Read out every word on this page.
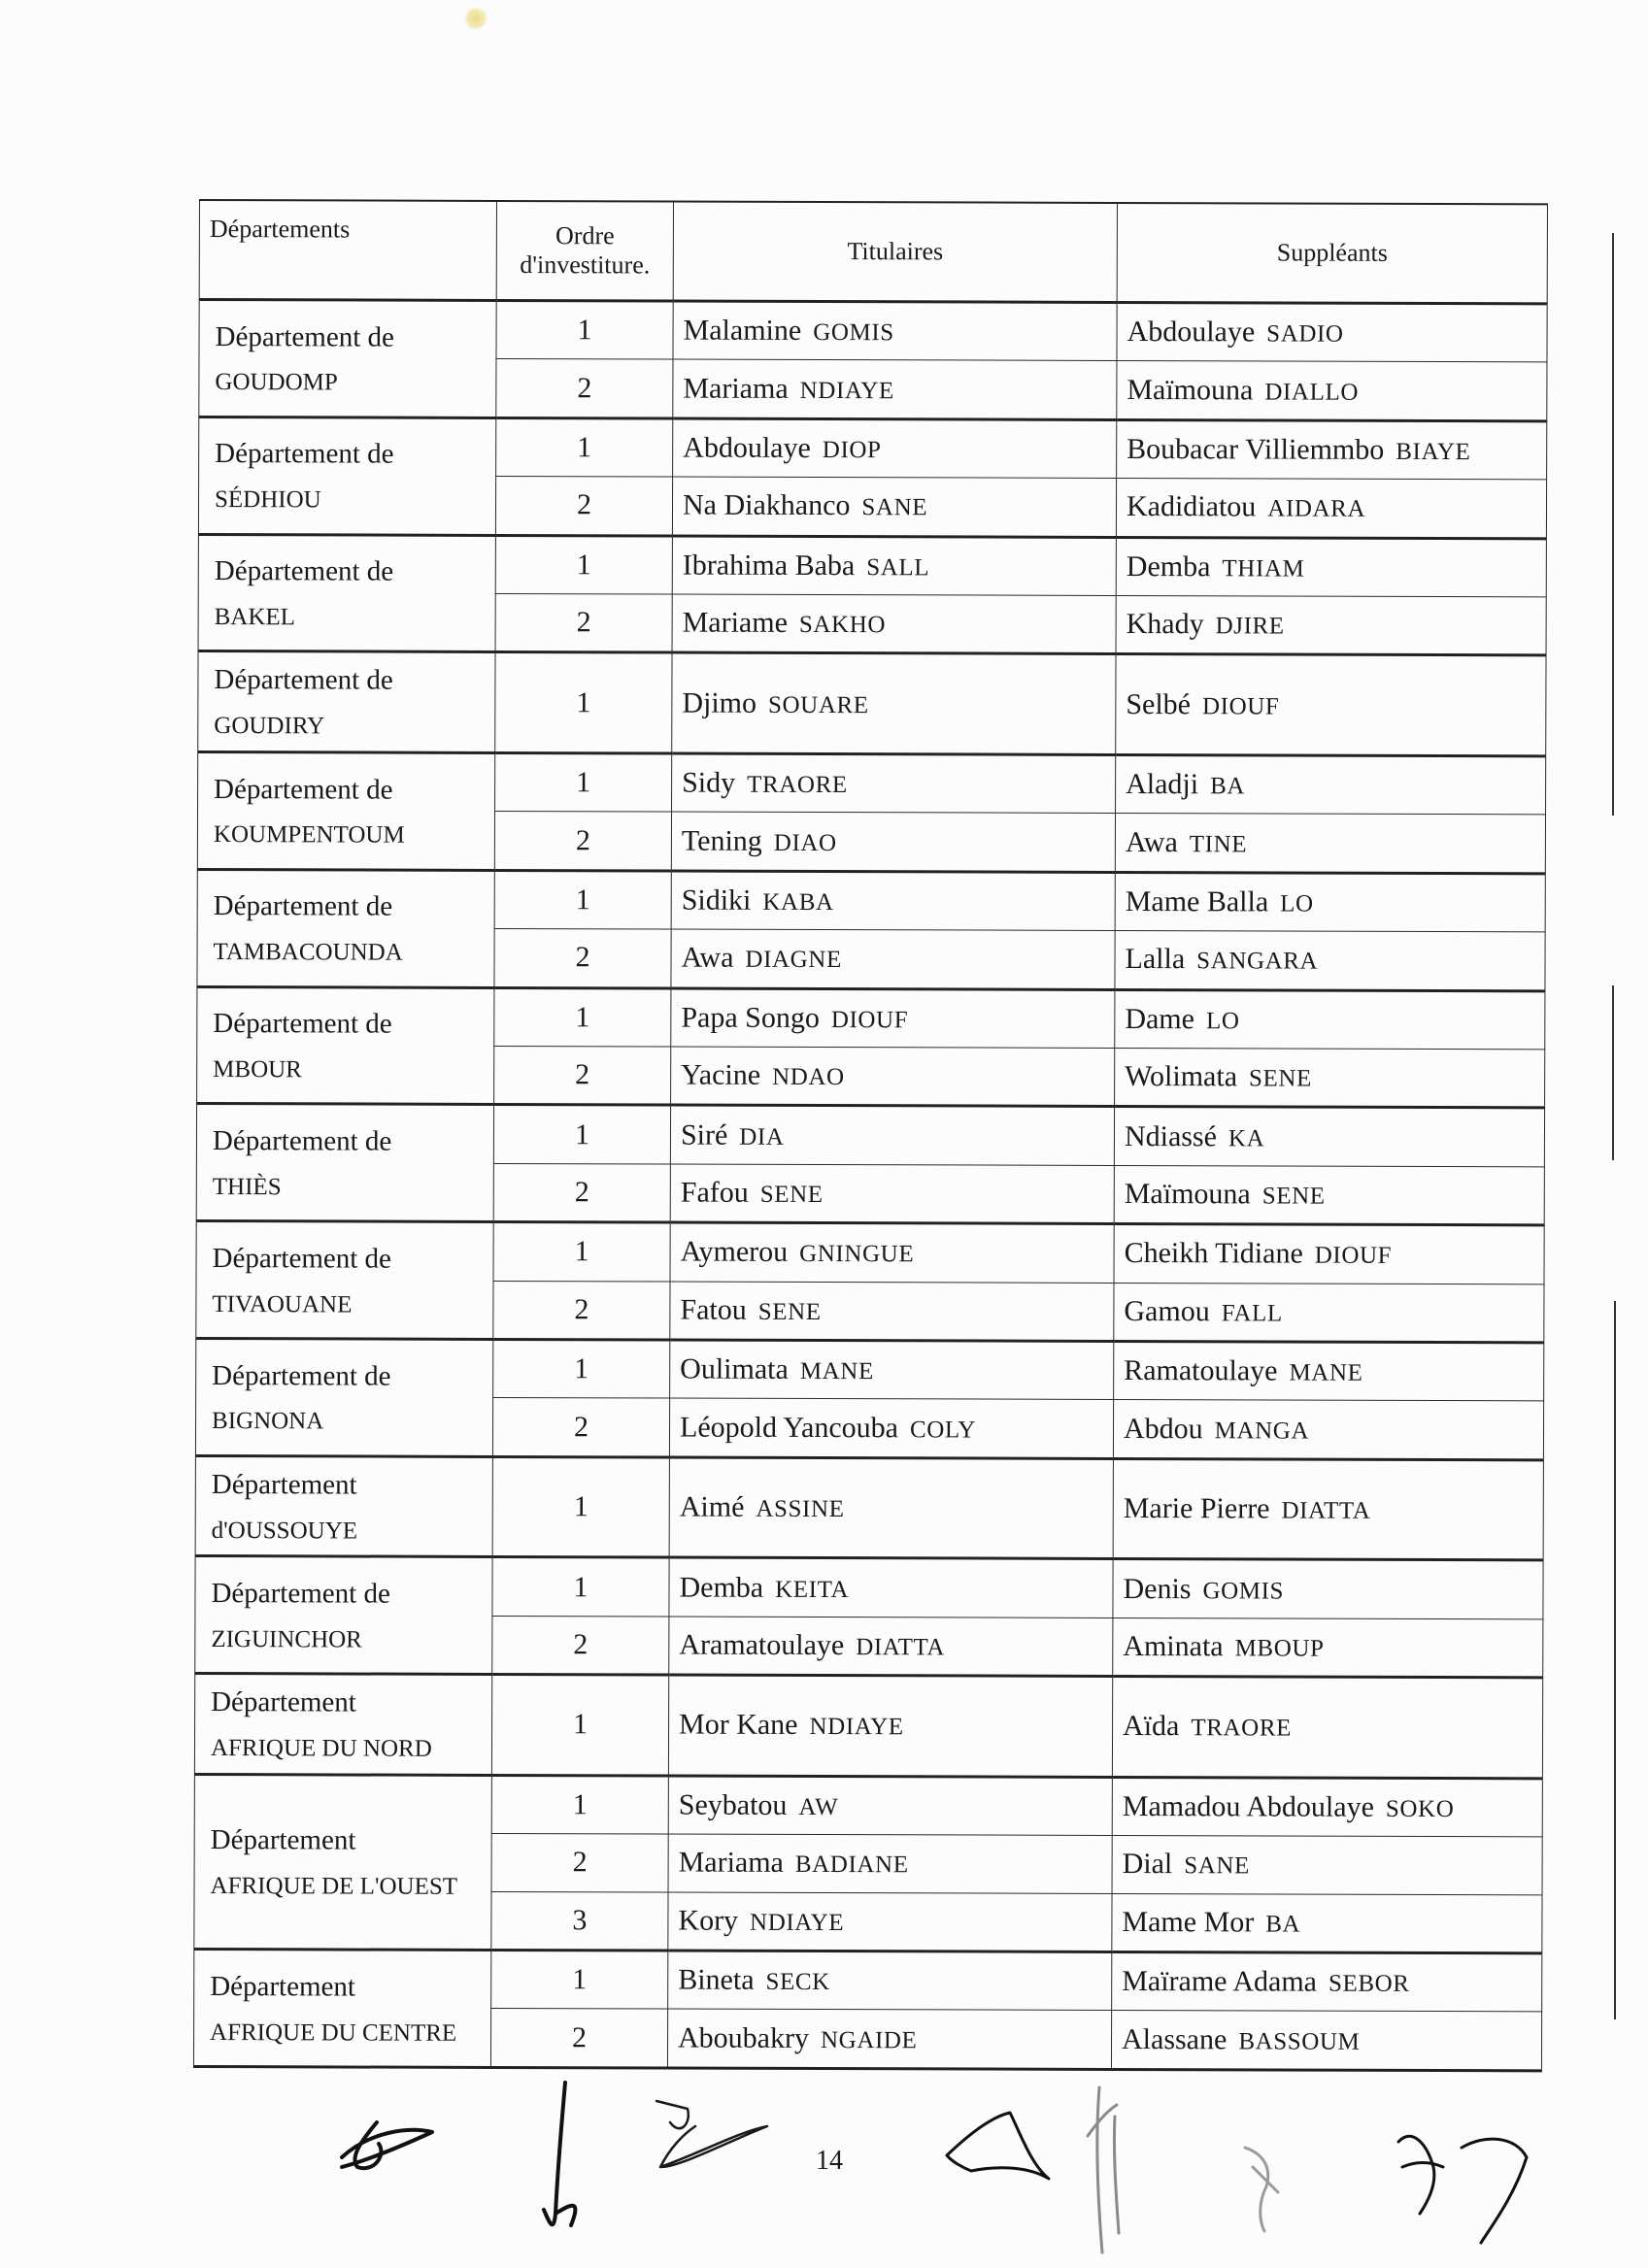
Départements	Ordre d'investiture.	Titulaires	Suppléants

Département de
GOUDOMP	1	Malamine GOMIS	Abdoulaye SADIO
	2	Mariama NDIAYE	Maïmouna DIALLO

Département de
SÉDHIOU	1	Abdoulaye DIOP	Boubacar Villiemmbo BIAYE
	2	Na Diakhanco SANE	Kadidiatou AIDARA

Département de
BAKEL	1	Ibrahima Baba SALL	Demba THIAM
	2	Mariame SAKHO	Khady DJIRE

Département de
GOUDIRY	1	Djimo SOUARE	Selbé DIOUF

Département de
KOUMPENTOUM	1	Sidy TRAORE	Aladji BA
	2	Tening DIAO	Awa TINE

Département de
TAMBACOUNDA	1	Sidiki KABA	Mame Balla LO
	2	Awa DIAGNE	Lalla SANGARA

Département de
MBOUR	1	Papa Songo DIOUF	Dame LO
	2	Yacine NDAO	Wolimata SENE

Département de
THIÈS	1	Siré DIA	Ndiassé KA
	2	Fafou SENE	Maïmouna SENE

Département de
TIVAOUANE	1	Aymerou GNINGUE	Cheikh Tidiane DIOUF
	2	Fatou SENE	Gamou FALL

Département de
BIGNONA	1	Oulimata MANE	Ramatoulaye MANE
	2	Léopold Yancouba COLY	Abdou MANGA

Département
d'OUSSOUYE	1	Aimé ASSINE	Marie Pierre DIATTA

Département de
ZIGUINCHOR	1	Demba KEITA	Denis GOMIS
	2	Aramatoulaye DIATTA	Aminata MBOUP

Département
AFRIQUE DU NORD	1	Mor Kane NDIAYE	Aïda TRAORE

Département
AFRIQUE DE L'OUEST	1	Seybatou AW	Mamadou Abdoulaye SOKO
	2	Mariama BADIANE	Dial SANE
	3	Kory NDIAYE	Mame Mor BA

Département
AFRIQUE DU CENTRE	1	Bineta SECK	Maïrame Adama SEBOR
	2	Aboubakry NGAIDE	Alassane BASSOUM
14
